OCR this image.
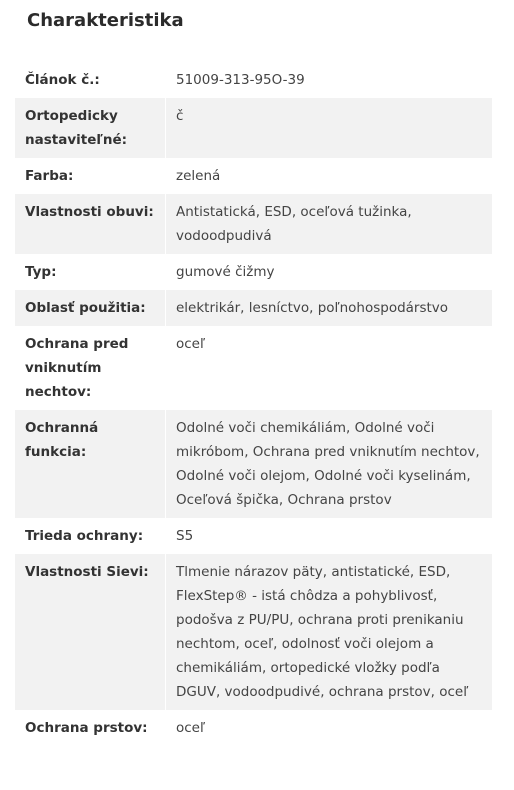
Charakteristika
Článok č.:	51009-313-95O-39
Ortopedicky nastaviteľné:	č
Farba:	zelená
Vlastnosti obuvi:	Antistatická, ESD, oceľová tužinka, vodoodpudivá
Typ:	gumové čižmy
Oblasť použitia:	elektrikár, lesníctvo, poľnohospodárstvo
Ochrana pred vniknutím nechtov:	oceľ
Ochranná funkcia:	Odolné voči chemikáliám, Odolné voči mikróbom, Ochrana pred vniknutím nechtov, Odolné voči olejom, Odolné voči kyselinám, Oceľová špička, Ochrana prstov
Trieda ochrany:	S5
Vlastnosti Sievi:	Tlmenie nárazov päty, antistatické, ESD, FlexStep® - istá chôdza a pohyblivosť, podošva z PU/PU, ochrana proti prenikaniu nechtom, oceľ, odolnosť voči olejom a chemikáliám, ortopedické vložky podľa DGUV, vodoodpudivé, ochrana prstov, oceľ
Ochrana prstov:	oceľ
